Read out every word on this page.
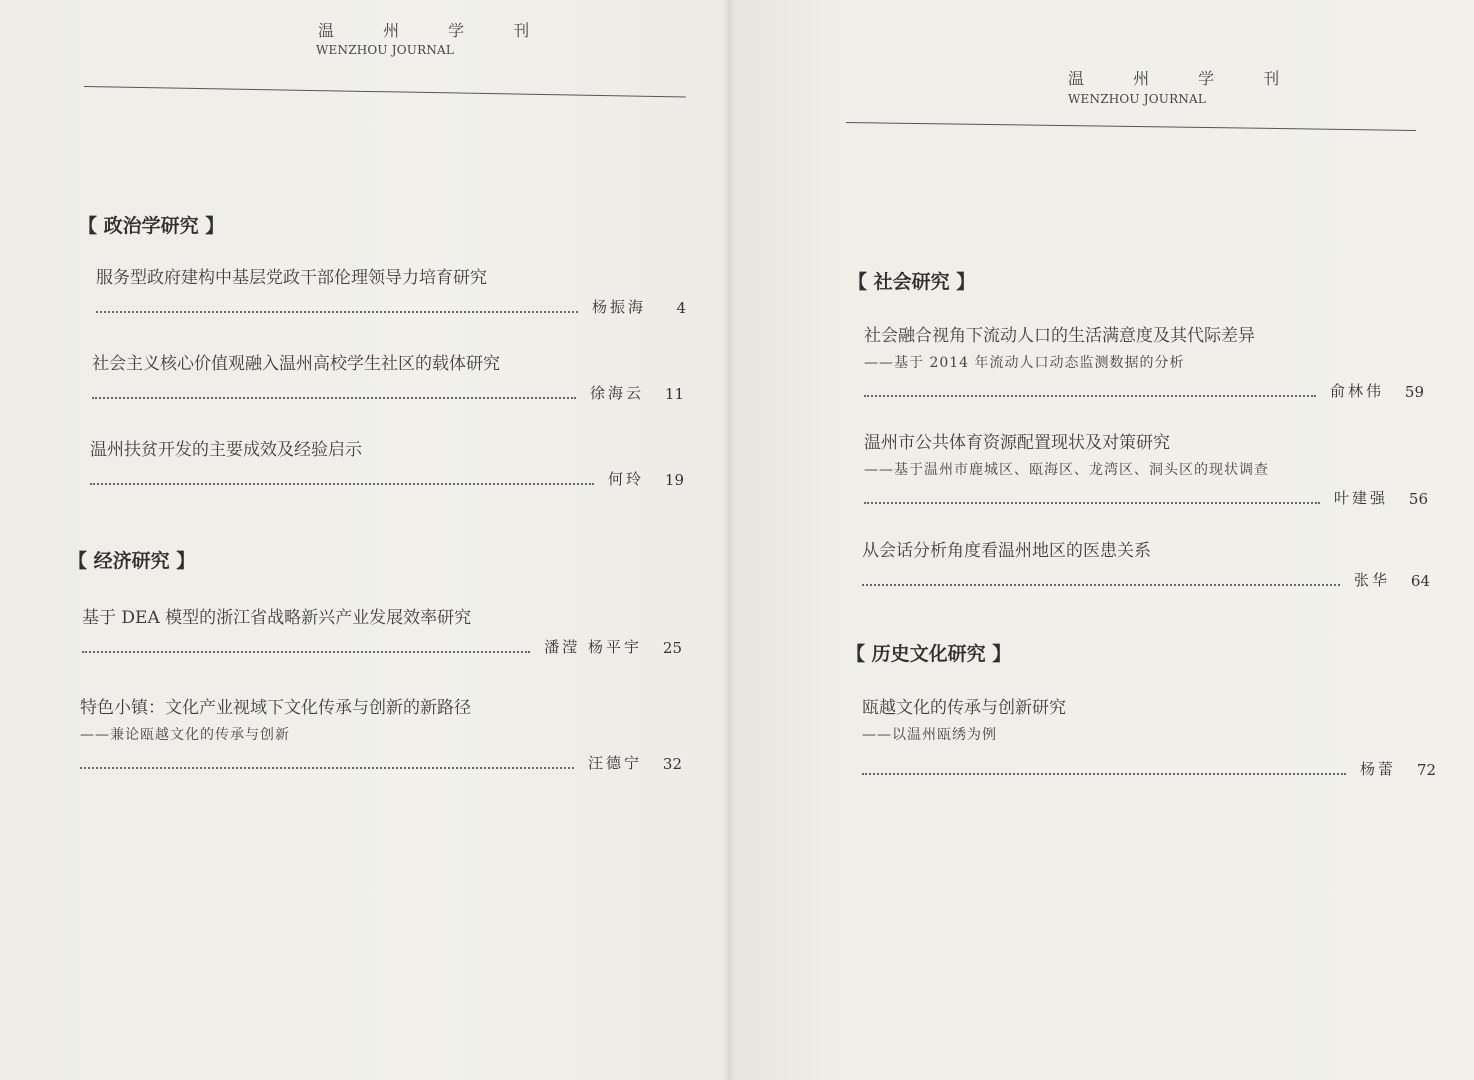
温 州 学 刊
WENZHOU JOURNAL
【 政治学研究 】
服务型政府建构中基层党政干部伦理领导力培育研究
杨振海	4
社会主义核心价值观融入温州高校学生社区的载体研究
徐海云 11
温州扶贫开发的主要成效及经验启示
何玲 19
【 经济研究 】
基于 DEA 模型的浙江省战略新兴产业发展效率研究
潘滢 杨平宇 25
特色小镇：文化产业视域下文化传承与创新的新路径
——兼论瓯越文化的传承与创新
汪德宁 32
温 州 学 刊
WENZHOU JOURNAL
【 社会研究 】
社会融合视角下流动人口的生活满意度及其代际差异
——基于 2014 年流动人口动态监测数据的分析
俞林伟 59
温州市公共体育资源配置现状及对策研究
——基于温州市鹿城区、瓯海区、龙湾区、洞头区的现状调查
叶建强 56
从会话分析角度看温州地区的医患关系
张华 64
【 历史文化研究 】
瓯越文化的传承与创新研究
——以温州瓯绣为例
杨蕾 72
